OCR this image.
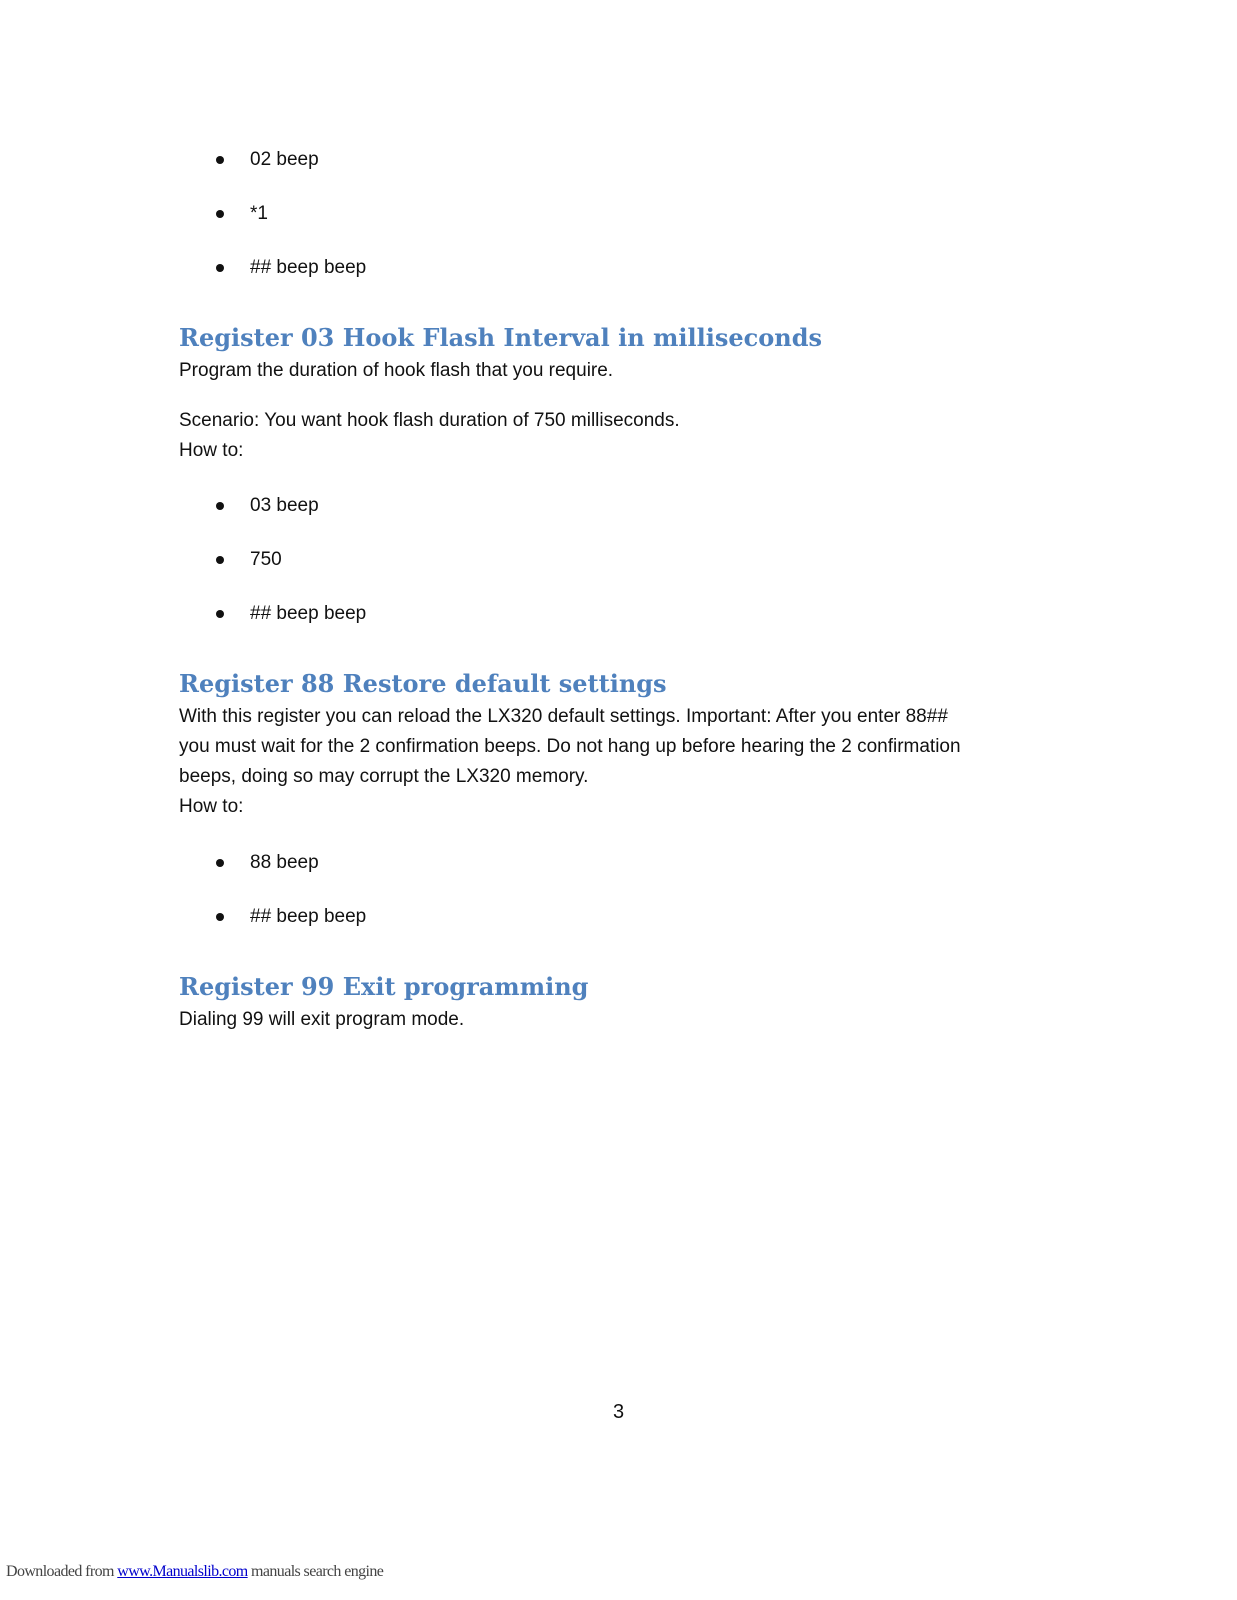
02 beep
*1
## beep beep
Register 03 Hook Flash Interval in milliseconds

Program the duration of hook flash that you require.

Scenario: You want hook flash duration of 750 milliseconds.
How to:

03 beep
750
## beep beep
Register 88 Restore default settings

With this register you can reload the LX320 default settings. Important: After you enter 88##
you must wait for the 2 confirmation beeps. Do not hang up before hearing the 2 confirmation
beeps, doing so may corrupt the LX320 memory.
How to:

88 beep
## beep beep
Register 99 Exit programming

Dialing 99 will exit program mode.

3
Downloaded from www.Manualslib.com manuals search engine
